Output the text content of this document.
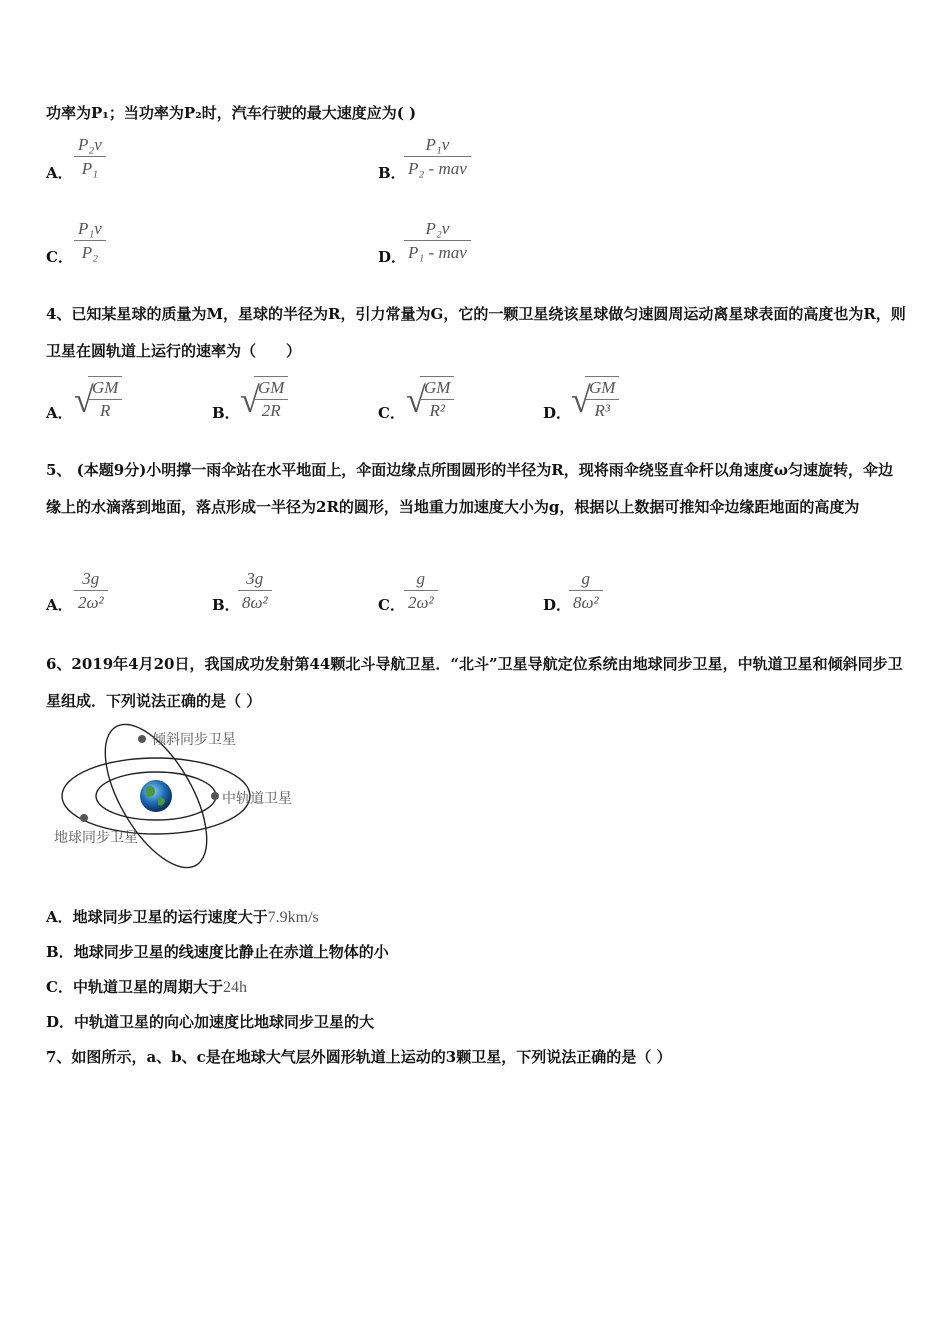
功率为P₁；当功率为P₂时，汽车行驶的最大速度应为( )
A． $\frac{\text{P₂v}}{\text{P₁}}$	B．
P₁v
P₂ - mav
C． $\frac{\text{P₁v}}{\text{P₂}}$	D．
P₂v
P₁ - mav
4、已知某星球的质量为M，星球的半径为R，引力常量为G，它的一颗卫星绕该星球做匀速圆周运动离星球表面的高度也为R，则卫星在圆轨道上运行的速率为（　　）
A． √
$\frac{GM}{R}$	B． √
$\frac{GM}{2R}$	C． √
$\frac{GM}{\text{R²}}$	D． √
$\frac{GM}{\text{R³}}$
5、 (本题9分)小明撑一雨伞站在水平地面上，伞面边缘点所围圆形的半径为R，现将雨伞绕竖直伞杆以角速度ω匀速旋转，伞边缘上的水滴落到地面，落点形成一半径为2R的圆形，当地重力加速度大小为g，根据以上数据可推知伞边缘距地面的高度为
A． $\frac{3g}{\text{2ω²}}$	B．
$\frac{3g}{\text{8ω²}}$	C． $\frac{g}{\text{2ω²}}$	D．
$\frac{g}{\text{8ω²}}$
6、2019年4月20日，我国成功发射第44颗北斗导航卫星．“北斗”卫星导航定位系统由地球同步卫星，中轨道卫星和倾斜同步卫星组成．下列说法正确的是（ ）
倾斜同步卫星
中轨道卫星
地球同步卫星
A．地球同步卫星的运行速度大于7.9km/s
B．地球同步卫星的线速度比静止在赤道上物体的小
C．中轨道卫星的周期大于24h
D．中轨道卫星的向心加速度比地球同步卫星的大
7、如图所示，a、b、c是在地球大气层外圆形轨道上运动的3颗卫星，下列说法正确的是（ ）
